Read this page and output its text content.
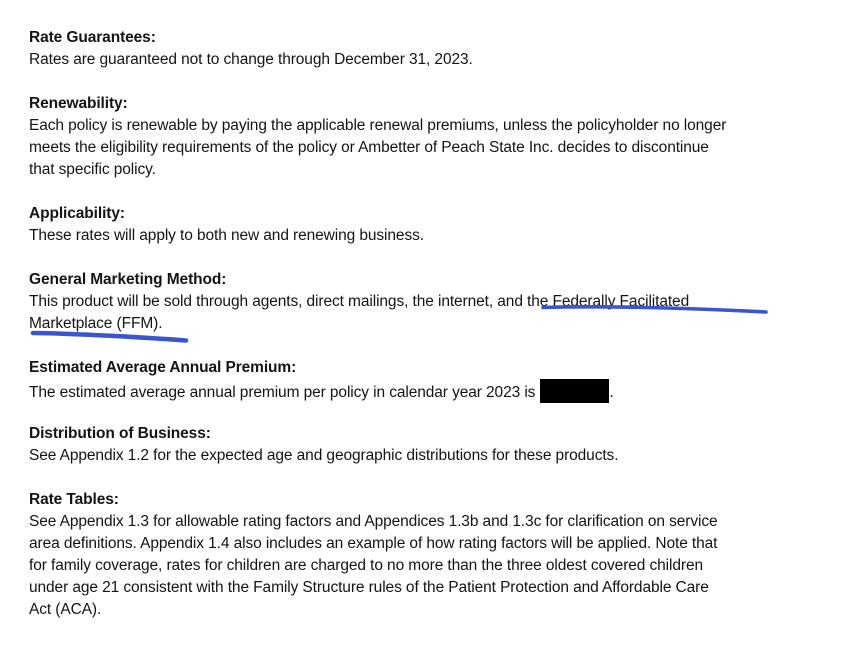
Rate Guarantees:
Rates are guaranteed not to change through December 31, 2023.
Renewability:
Each policy is renewable by paying the applicable renewal premiums, unless the policyholder no longer
meets the eligibility requirements of the policy or Ambetter of Peach State Inc. decides to discontinue
that specific policy.
Applicability:
These rates will apply to both new and renewing business.
General Marketing Method:
This product will be sold through agents, direct mailings, the internet, and the Federally Facilitated
Marketplace (FFM).
Estimated Average Annual Premium:
The estimated average annual premium per policy in calendar year 2023 is	.
Distribution of Business:
See Appendix 1.2 for the expected age and geographic distributions for these products.
Rate Tables:
See Appendix 1.3 for allowable rating factors and Appendices 1.3b and 1.3c for clarification on service
area definitions. Appendix 1.4 also includes an example of how rating factors will be applied. Note that
for family coverage, rates for children are charged to no more than the three oldest covered children
under age 21 consistent with the Family Structure rules of the Patient Protection and Affordable Care
Act (ACA).
